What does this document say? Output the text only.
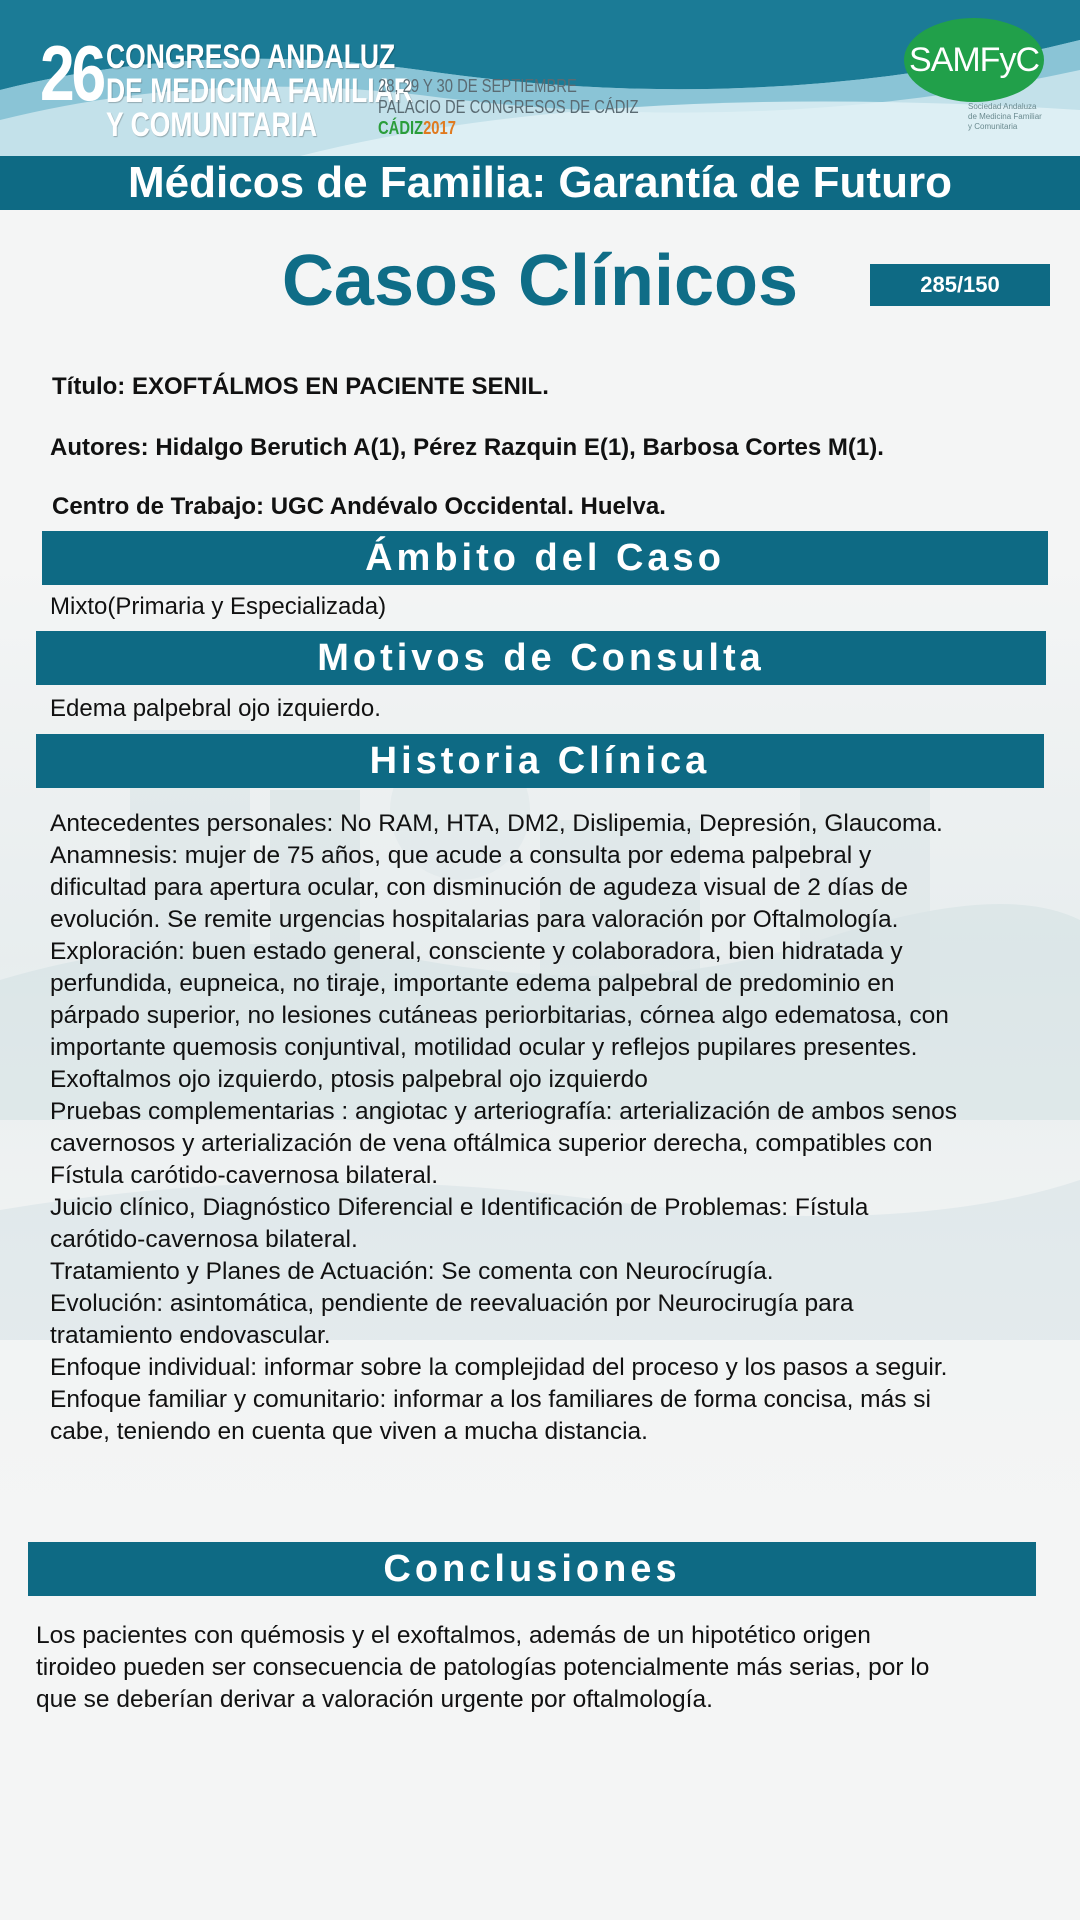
26 CONGRESO ANDALUZ
DE MEDICINA FAMILIAR
Y COMUNITARIA
28, 29 Y 30 DE SEPTIEMBRE
PALACIO DE CONGRESOS DE CÁDIZ
CÁDIZ2017
SAMFyC
Sociedad Andaluza
de Medicina Familiar
y Comunitaria
Médicos de Familia: Garantía de Futuro
Casos Clínicos	285/150
Título: EXOFTÁLMOS EN PACIENTE SENIL.
Autores: Hidalgo Berutich A(1), Pérez Razquin E(1), Barbosa Cortes M(1).
Centro de Trabajo: UGC Andévalo Occidental. Huelva.
Ámbito del Caso
Mixto(Primaria y Especializada)
Motivos de Consulta
Edema palpebral ojo izquierdo.
Historia Clínica
Antecedentes personales: No RAM, HTA, DM2, Dislipemia, Depresión, Glaucoma.
Anamnesis: mujer de 75 años, que acude a consulta por edema palpebral y
dificultad para apertura ocular, con disminución de agudeza visual de 2 días de
evolución. Se remite urgencias hospitalarias para valoración por Oftalmología.
Exploración: buen estado general, consciente y colaboradora, bien hidratada y
perfundida, eupneica, no tiraje, importante edema palpebral de predominio en
párpado superior, no lesiones cutáneas periorbitarias, córnea algo edematosa, con
importante quemosis conjuntival, motilidad ocular y reflejos pupilares presentes.
Exoftalmos ojo izquierdo, ptosis palpebral ojo izquierdo
Pruebas complementarias : angiotac y arteriografía: arterialización de ambos senos
cavernosos y arterialización de vena oftálmica superior derecha, compatibles con
Fístula carótido-cavernosa bilateral.
Juicio clínico, Diagnóstico Diferencial e Identificación de Problemas: Fístula
carótido-cavernosa bilateral.
Tratamiento y Planes de Actuación: Se comenta con Neurocírugía.
Evolución: asintomática, pendiente de reevaluación por Neurocirugía para
tratamiento endovascular.
Enfoque individual: informar sobre la complejidad del proceso y los pasos a seguir.
Enfoque familiar y comunitario: informar a los familiares de forma concisa, más si
cabe, teniendo en cuenta que viven a mucha distancia.
Conclusiones
Los pacientes con quémosis y el exoftalmos, además de un hipotético origen
tiroideo pueden ser consecuencia de patologías potencialmente más serias, por lo
que se deberían derivar a valoración urgente por oftalmología.
